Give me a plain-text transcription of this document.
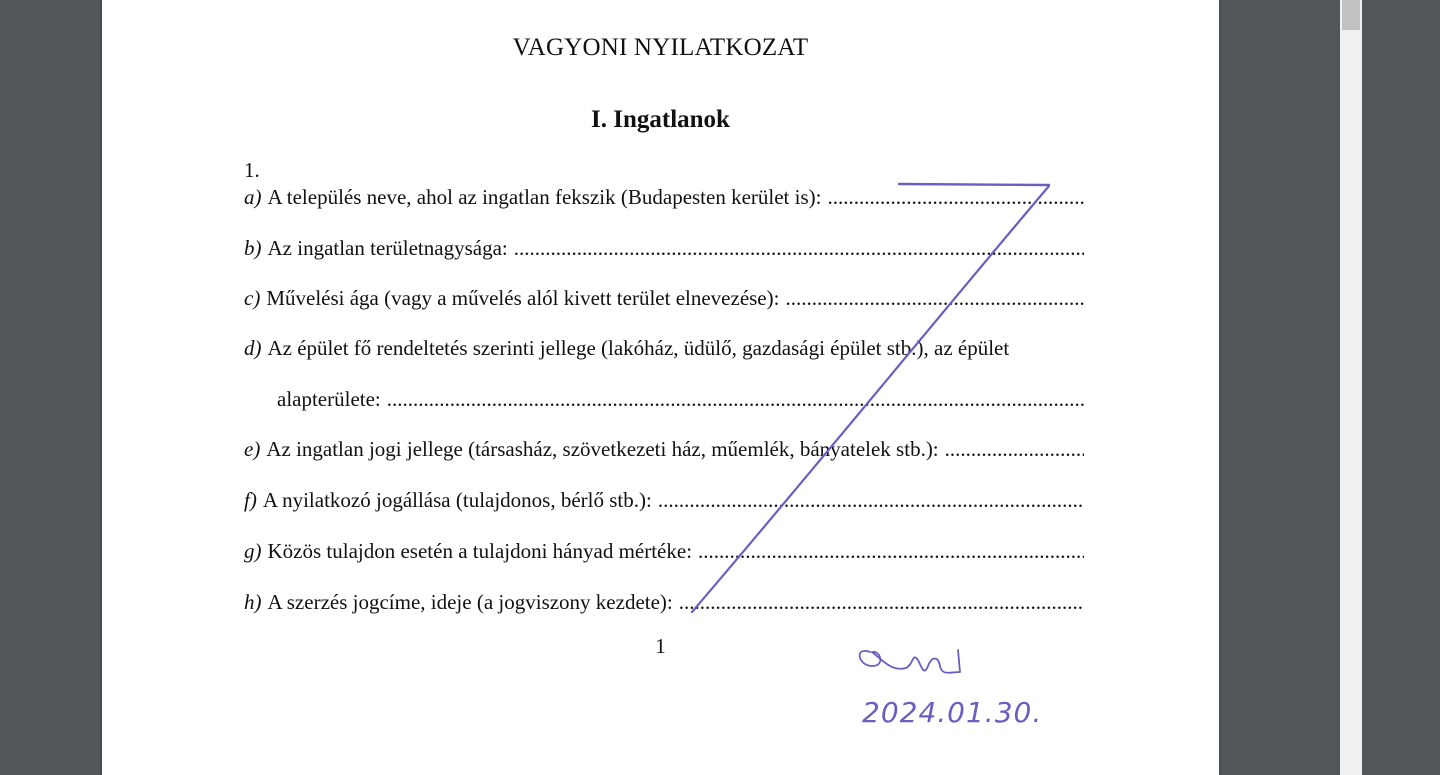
VAGYONI NYILATKOZAT
I. Ingatlanok
1.
a) A település neve, ahol az ingatlan fekszik (Budapesten kerület is):
.....
b) Az ingatlan területnagysága:
.....
c) Művelési ága (vagy a művelés alól kivett terület elnevezése):
.....
d) Az épület fő rendeltetés szerinti jellege (lakóház, üdülő, gazdasági épület stb.), az épület
alapterülete:
.....
e) Az ingatlan jogi jellege (társasház, szövetkezeti ház, műemlék, bányatelek stb.):
.....
f) A nyilatkozó jogállása (tulajdonos, bérlő stb.):
.....
g) Közös tulajdon esetén a tulajdoni hányad mértéke:
.....
h) A szerzés jogcíme, ideje (a jogviszony kezdete):
.....
1
2024.01.30.
